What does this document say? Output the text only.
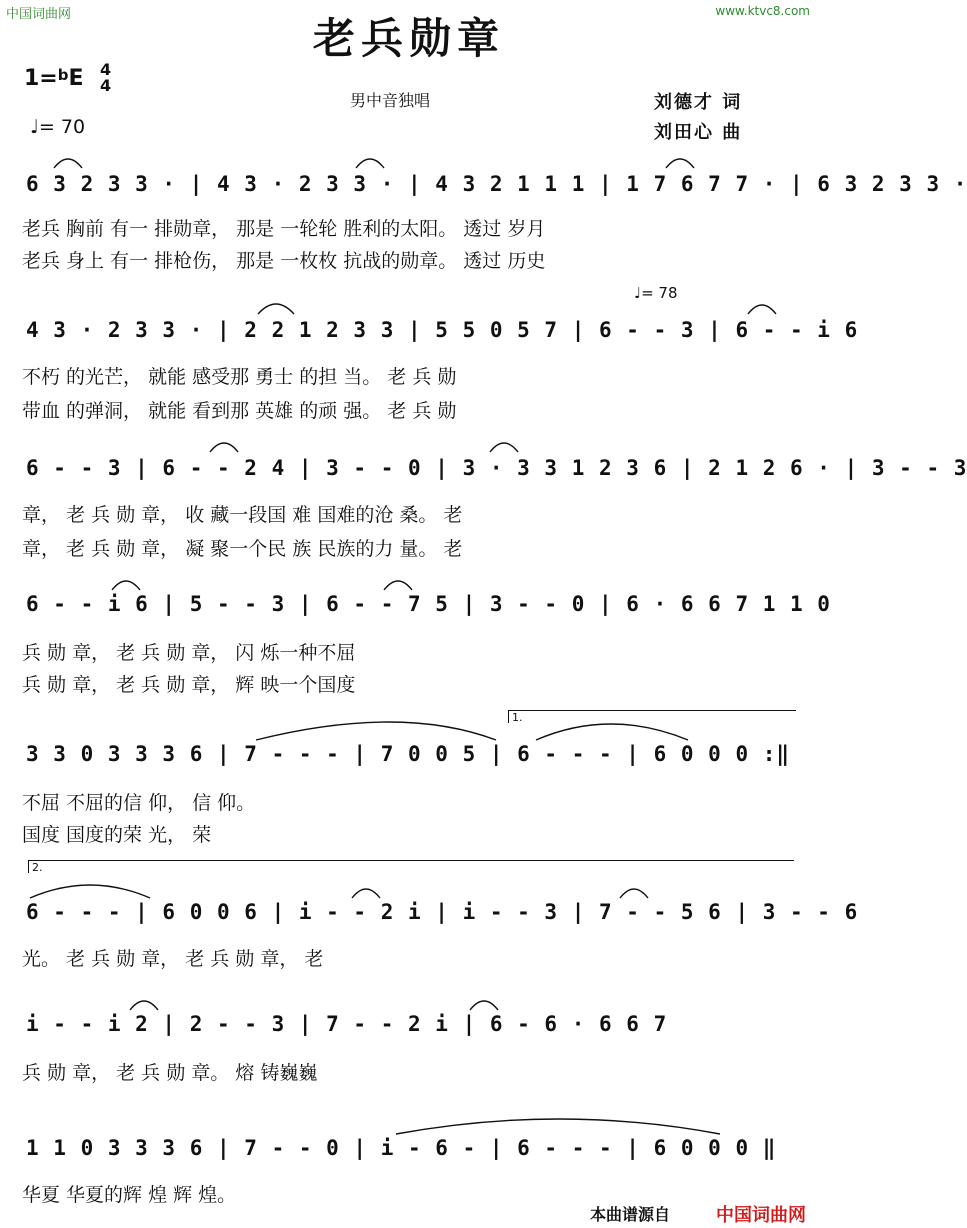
中国词曲网	www.ktvc8.com
老兵勋章
1=$^b$E 4
4
♩= 70
男中音独唱	刘德才 词
刘田心 曲
6 3 2 3 3 · | 4 3 · 2 3 3 · | 4 3 2 1 1 1 | 1 7 6 7 7 · | 6 3 2 3 3 ·
老兵 胸前 有一 排勋章， 那是 一轮轮 胜利的太阳。 透过 岁月
老兵 身上 有一 排枪伤， 那是 一枚枚 抗战的勋章。 透过 历史
♩= 78
4 3 · 2 3 3 · | 2 2 1 2 3 3 | 5 5 0 5 7 | 6 - - 3 | 6 - - i 6
不朽 的光芒， 就能 感受那 勇士 的担 当。 老 兵 勋
带血 的弹洞， 就能 看到那 英雄 的顽 强。 老 兵 勋
6 - - 3 | 6 - - 2 4 | 3 - - 0 | 3 · 3 3 1 2 3 6 | 2 1 2 6 · | 3 - - 3
章， 老 兵 勋 章， 收 藏一段国 难 国难的沧 桑。 老
章， 老 兵 勋 章， 凝 聚一个民 族 民族的力 量。 老
6 - - i 6 | 5 - - 3 | 6 - - 7 5 | 3 - - 0 | 6 · 6 6 7 1 1 0
兵 勋 章， 老 兵 勋 章， 闪 烁一种不屈
兵 勋 章， 老 兵 勋 章， 辉 映一个国度
1.
3 3 0 3 3 3 6 | 7 - - - | 7 0 0 5 | 6 - - - | 6 0 0 0 :‖
不屈 不屈的信 仰， 信 仰。
国度 国度的荣 光， 荣
2.
6 - - - | 6 0 0 6 | i - - 2 i | i - - 3 | 7 - - 5 6 | 3 - - 6
光。 老 兵 勋 章， 老 兵 勋 章， 老
i - - i 2 | 2 - - 3 | 7 - - 2 i | 6 - 6 · 6 6 7
兵 勋 章， 老 兵 勋 章。 熔 铸巍巍
1 1 0 3 3 3 6 | 7 - - 0 | i - 6 - | 6 - - - | 6 0 0 0 ‖
华夏 华夏的辉 煌 辉 煌。
本曲谱源自	中国词曲网
